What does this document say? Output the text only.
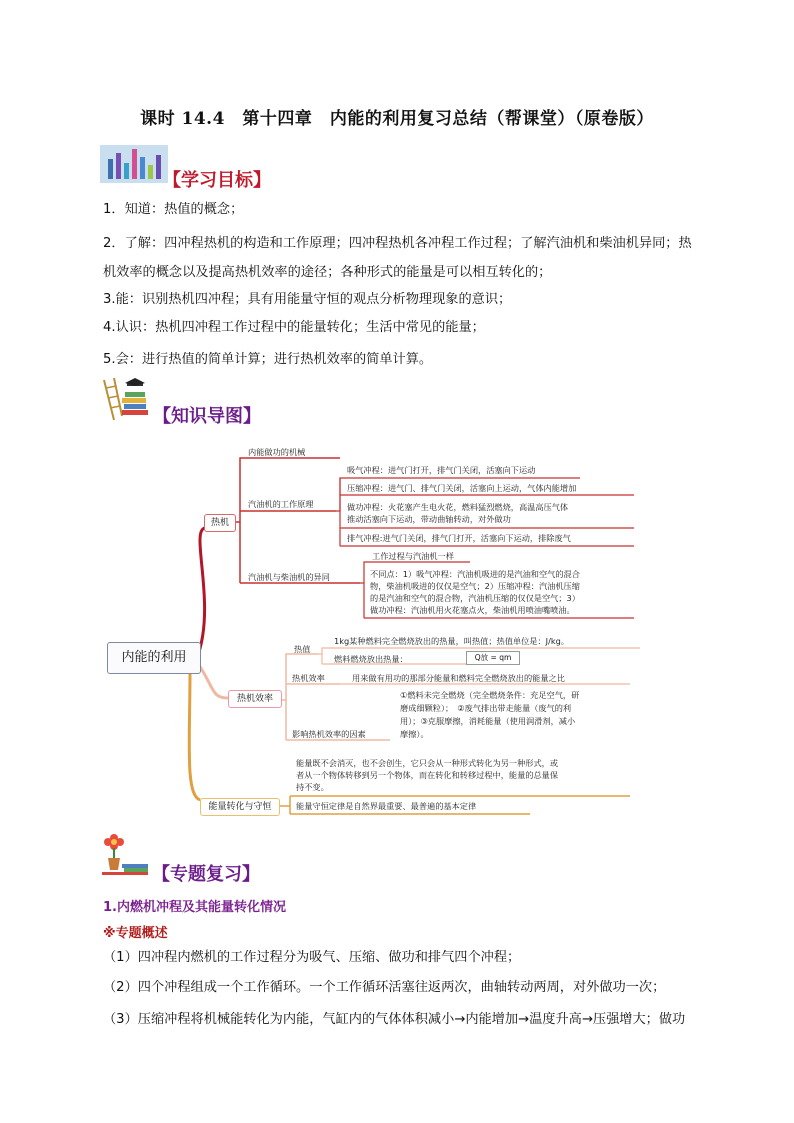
课时 14.4　第十四章　内能的利用复习总结（帮课堂）（原卷版）
【学习目标】
1．知道：热值的概念；
2．了解：四冲程热机的构造和工作原理；四冲程热机各冲程工作过程；了解汽油机和柴油机异同；热
机效率的概念以及提高热机效率的途径；各种形式的能量是可以相互转化的；
3.能：识别热机四冲程；具有用能量守恒的观点分析物理现象的意识；
4.认识：热机四冲程工作过程中的能量转化；生活中常见的能量；
5.会：进行热值的简单计算；进行热机效率的简单计算。
【知识导图】
内能的利用
热机
内能做功的机械
汽油机的工作原理
吸气冲程：进气门打开，排气门关闭，活塞向下运动
压缩冲程：进气门、排气门关闭，活塞向上运动，气体内能增加
做功冲程：火花塞产生电火花，燃料猛烈燃烧，高温高压气体
推动活塞向下运动，带动曲轴转动，对外做功
排气冲程:进气门关闭，排气门打开，活塞向下运动，排除废气
汽油机与柴油机的异同
工作过程与汽油机一样
不同点：1）吸气冲程：汽油机吸进的是汽油和空气的混合
物，柴油机吸进的仅仅是空气；2）压缩冲程：汽油机压缩
的是汽油和空气的混合物，汽油机压缩的仅仅是空气；3）
做功冲程：汽油机用火花塞点火，柴油机用喷油嘴喷油。
热机效率
热值
1kg某种燃料完全燃烧放出的热量，叫热值；热值单位是：J/kg。
燃料燃烧放出热量：	Q放 = qm
热机效率	用来做有用功的那部分能量和燃料完全燃烧放出的能量之比
影响热机效率的因素
①燃料未完全燃烧（完全燃烧条件：充足空气，研
磨成细颗粒）；　②废气排出带走能量（废气的利
用）；③克服摩擦，消耗能量（使用润滑剂，减小
摩擦）。
能量转化与守恒
能量既不会消灭，也不会创生，它只会从一种形式转化为另一种形式，或
者从一个物体转移到另一个物体，而在转化和转移过程中，能量的总量保
持不变。
能量守恒定律是自然界最重要、最普遍的基本定律
【专题复习】
1.内燃机冲程及其能量转化情况
※专题概述
（1）四冲程内燃机的工作过程分为吸气、压缩、做功和排气四个冲程；
（2）四个冲程组成一个工作循环。一个工作循环活塞往返两次，曲轴转动两周，对外做功一次；
（3）压缩冲程将机械能转化为内能，气缸内的气体体积减小→内能增加→温度升高→压强增大；做功
